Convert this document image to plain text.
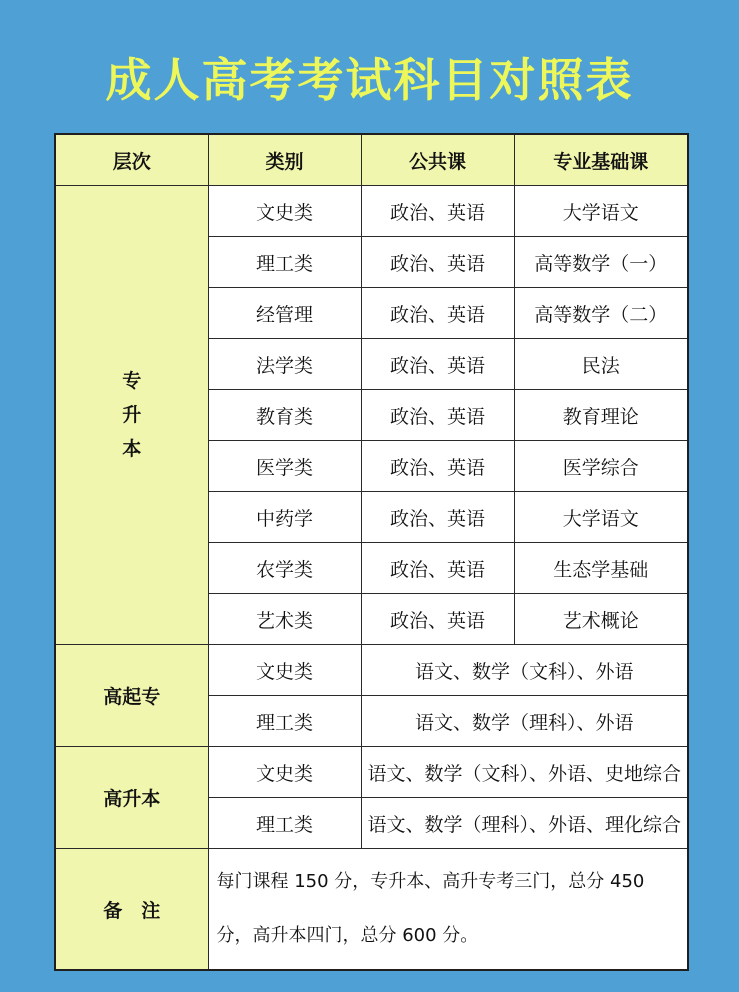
成人高考考试科目对照表
层次	类别	公共课	专业基础课

专
升
本	文史类	政治、英语	大学语文
	理工类	政治、英语	高等数学（一）
	经管理	政治、英语	高等数学（二）
	法学类	政治、英语	民法
	教育类	政治、英语	教育理论
	医学类	政治、英语	医学综合
	中药学	政治、英语	大学语文
	农学类	政治、英语	生态学基础
	艺术类	政治、英语	艺术概论
高起专	文史类	语文、数学（文科）、外语	
	理工类	语文、数学（理科）、外语	
高升本	文史类	语文、数学（文科）、外语、史地综合	
	理工类	语文、数学（理科）、外语、理化综合	
备　注	每门课程 150 分，专升本、高升专考三门，总分 450 分，高升本四门，总分 600 分。		
